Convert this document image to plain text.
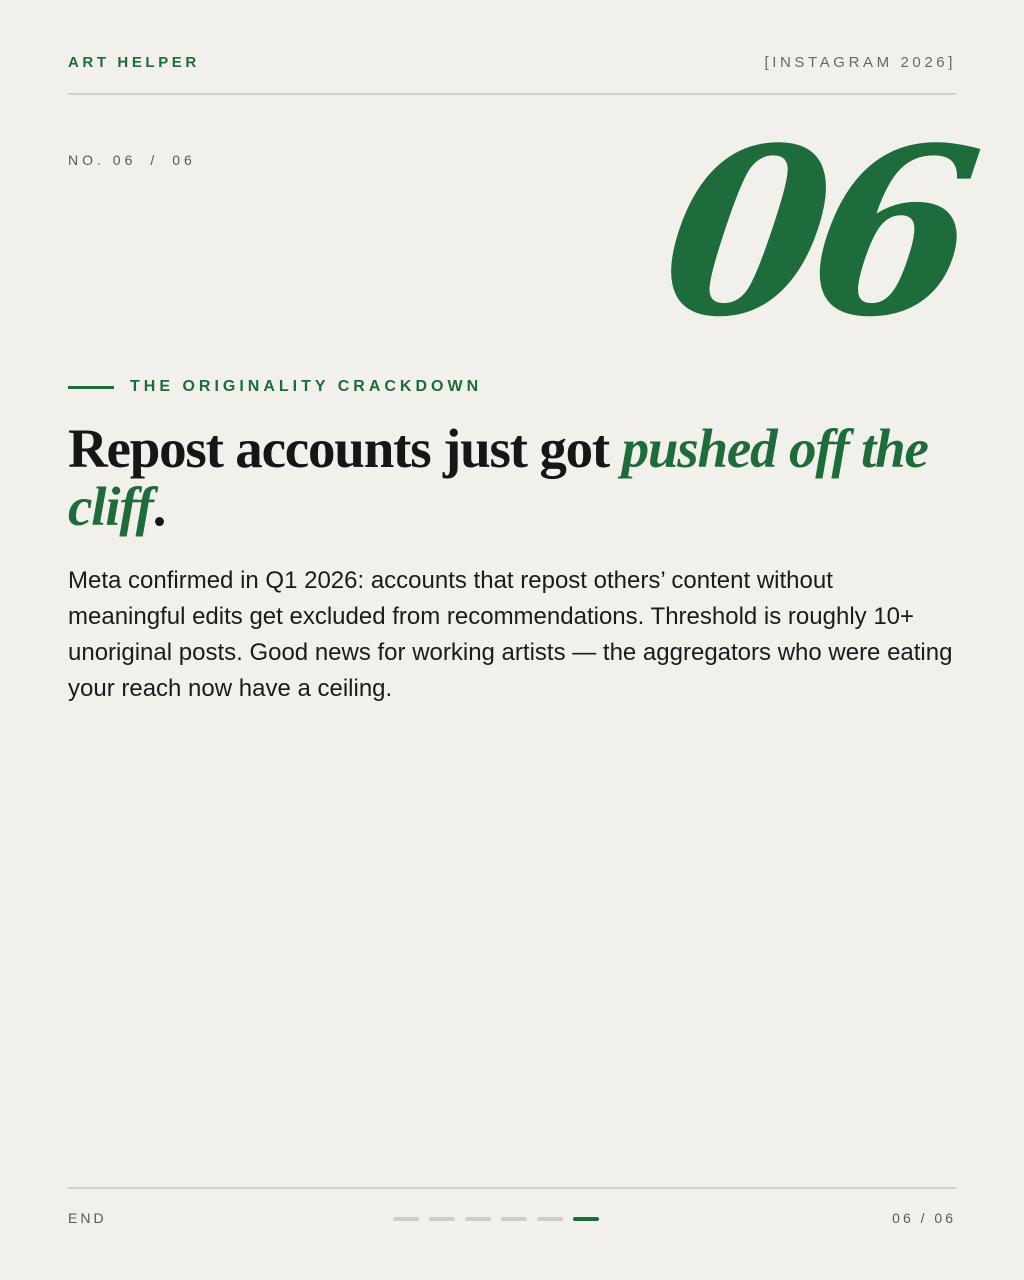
ART HELPER	[INSTAGRAM 2026]
NO. 06 / 06 06
THE ORIGINALITY CRACKDOWN
Repost accounts just got pushed off the cliff.

Meta confirmed in Q1 2026: accounts that repost others’ content without meaningful edits get excluded from recommendations. Threshold is roughly 10+ unoriginal posts. Good news for working artists — the aggregators who were eating your reach now have a ceiling.

END	06 / 06
